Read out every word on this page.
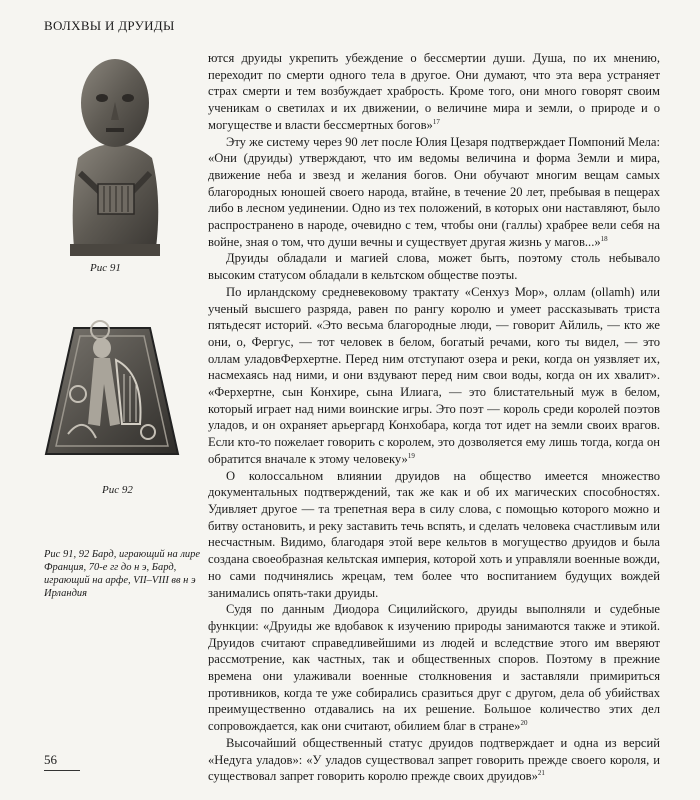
ВОЛХВЫ И ДРУИДЫ
Рис 91
Рис 92
Рис 91, 92 Бард, играющий на лире Франция, 70-е гг до н э, Бард, играющий на арфе, VII–VIII вв н э Ирландия

ются друиды укрепить убеждение о бессмертии души. Душа, по их мнению, переходит по смерти одного тела в другое. Они думают, что эта вера устраняет страх смерти и тем возбуждает храбрость. Кроме того, они много говорят своим ученикам о светилах и их движении, о величине мира и земли, о природе и о могуществе и власти бессмертных богов»$^{17}$

Эту же систему через 90 лет после Юлия Цезаря подтверждает Помпоний Мела: «Они (друиды) утверждают, что им ведомы величина и форма Земли и мира, движение неба и звезд и желания богов. Они обучают многим вещам самых благородных юношей своего народа, втайне, в течение 20 лет, пребывая в пещерах либо в лесном уединении. Одно из тех положений, в которых они наставляют, было распространено в народе, очевидно с тем, чтобы они (галлы) храбрее вели себя на войне, зная о том, что души вечны и существует другая жизнь у магов...»$^{18}$

Друиды обладали и магией слова, может быть, поэтому столь небывало высоким статусом обладали в кельтском обществе поэты.

По ирландскому средневековому трактату «Сенхуз Мор», оллам (ollamh) или ученый высшего разряда, равен по рангу королю и умеет рассказывать триста пятьдесят историй. «Это весьма благородные люди, — говорит Айлиль, — кто же они, о, Фергус, — тот человек в белом, богатый речами, кого ты видел, — это оллам уладовФерхертне. Перед ним отступают озера и реки, когда он уязвляет их, насмехаясь над ними, и они вздувают перед ним свои воды, когда он их хвалит». «Ферхертне, сын Конхире, сына Илиага, — это блистательный муж в белом, который играет над ними воинские игры. Это поэт — король среди королей поэтов уладов, и он охраняет арьергард Конхобара, когда тот идет на земли своих врагов. Если кто-то пожелает говорить с королем, это дозволяется ему лишь тогда, когда он обратится вначале к этому человеку»$^{19}$

О колоссальном влиянии друидов на общество имеется множество документальных подтверждений, так же как и об их магических способностях. Удивляет другое — та трепетная вера в силу слова, с помощью которого можно и битву остановить, и реку заставить течь вспять, и сделать человека счастливым или несчастным. Видимо, благодаря этой вере кельтов в могущество друидов и была создана своеобразная кельтская империя, которой хоть и управляли военные вожди, но сами подчинялись жрецам, тем более что воспитанием будущих вождей занимались опять-таки друиды.

Судя по данным Диодора Сицилийского, друиды выполняли и судебные функции: «Друиды же вдобавок к изучению природы занимаются также и этикой. Друидов считают справедливейшими из людей и вследствие этого им вверяют рассмотрение, как частных, так и общественных споров. Поэтому в прежние времена они улаживали военные столкновения и заставляли примириться противников, когда те уже собирались сразиться друг с другом, дела об убийствах преимущественно отдавались на их решение. Большое количество этих дел сопровождается, как они считают, обилием благ в стране»$^{20}$

Высочайший общественный статус друидов подтверждает и одна из версий «Недуга уладов»: «У уладов существовал запрет говорить прежде своего короля, и существовал запрет говорить королю прежде своих друидов»$^{21}$

56
